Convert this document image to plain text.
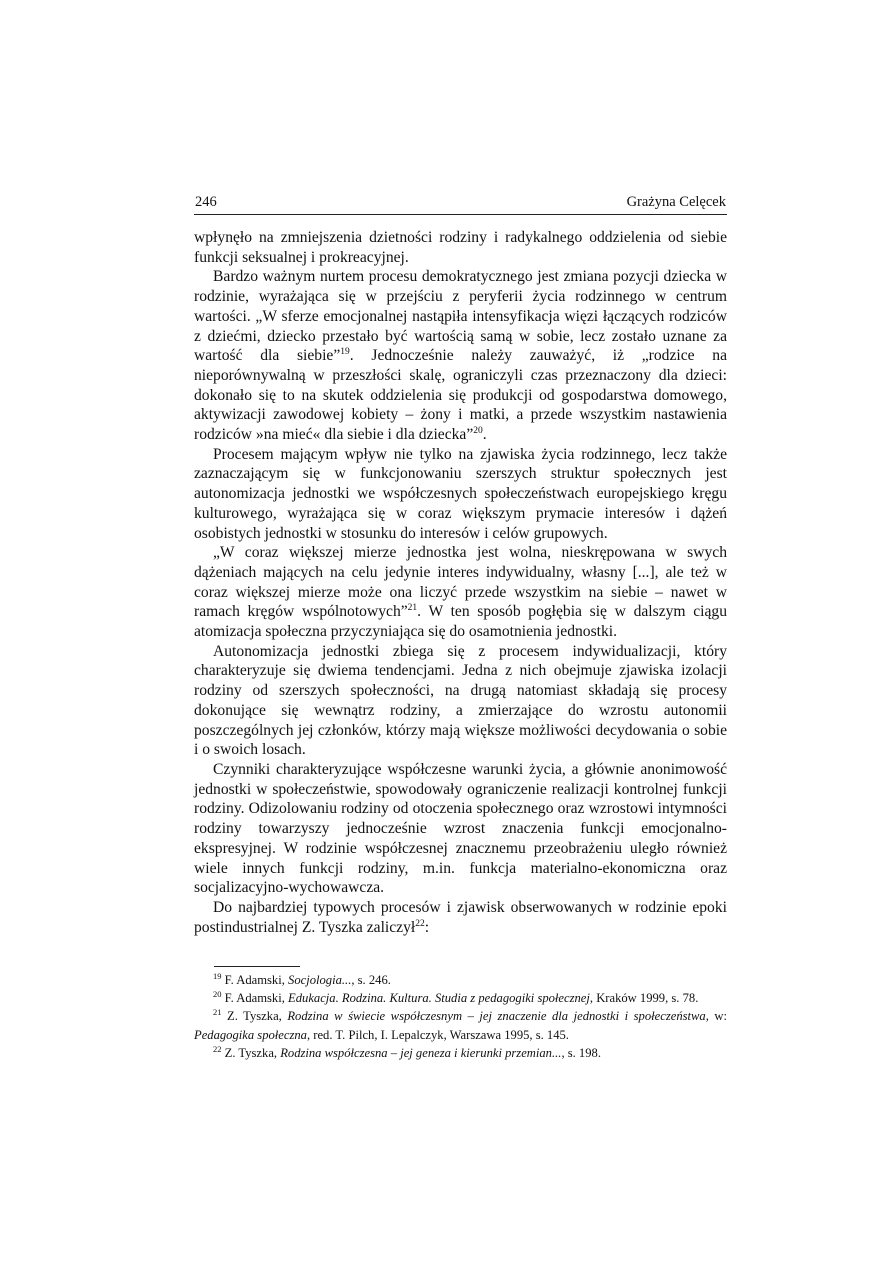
246	Grażyna Celęcek

wpłynęło na zmniejszenia dzietności rodziny i radykalnego oddzielenia od siebie funkcji seksualnej i prokreacyjnej.

Bardzo ważnym nurtem procesu demokratycznego jest zmiana pozycji dziecka w rodzinie, wyrażająca się w przejściu z peryferii życia rodzinnego w centrum wartości. „W sferze emocjonalnej nastąpiła intensyfikacja więzi łączących rodziców z dziećmi, dziecko przestało być wartością samą w sobie, lecz zostało uznane za wartość dla siebie”$^{19}$. Jednocześnie należy zauważyć, iż „rodzice na nieporównywalną w przeszłości skalę, ograniczyli czas przeznaczony dla dzieci: dokonało się to na skutek oddzielenia się produkcji od gospodarstwa domowego, aktywizacji zawodowej kobiety – żony i matki, a przede wszystkim nastawienia rodziców »na mieć« dla siebie i dla dziecka”$^{20}$.

Procesem mającym wpływ nie tylko na zjawiska życia rodzinnego, lecz także zaznaczającym się w funkcjonowaniu szerszych struktur społecznych jest autonomizacja jednostki we współczesnych społeczeństwach europejskiego kręgu kulturowego, wyrażająca się w coraz większym prymacie interesów i dążeń osobistych jednostki w stosunku do interesów i celów grupowych.

„W coraz większej mierze jednostka jest wolna, nieskrępowana w swych dążeniach mających na celu jedynie interes indywidualny, własny [...], ale też w coraz większej mierze może ona liczyć przede wszystkim na siebie – nawet w ramach kręgów wspólnotowych”$^{21}$. W ten sposób pogłębia się w dalszym ciągu atomizacja społeczna przyczyniająca się do osamotnienia jednostki.

Autonomizacja jednostki zbiega się z procesem indywidualizacji, który charakteryzuje się dwiema tendencjami. Jedna z nich obejmuje zjawiska izolacji rodziny od szerszych społeczności, na drugą natomiast składają się procesy dokonujące się wewnątrz rodziny, a zmierzające do wzrostu autonomii poszczególnych jej członków, którzy mają większe możliwości decydowania o sobie i o swoich losach.

Czynniki charakteryzujące współczesne warunki życia, a głównie anonimowość jednostki w społeczeństwie, spowodowały ograniczenie realizacji kontrolnej funkcji rodziny. Odizolowaniu rodziny od otoczenia społecznego oraz wzrostowi intymności rodziny towarzyszy jednocześnie wzrost znaczenia funkcji emocjonalno-ekspresyjnej. W rodzinie współczesnej znacznemu przeobrażeniu uległo również wiele innych funkcji rodziny, m.in. funkcja materialno-ekonomiczna oraz socjalizacyjno-wychowawcza.

Do najbardziej typowych procesów i zjawisk obserwowanych w rodzinie epoki postindustrialnej Z. Tyszka zaliczył$^{22}$:

$^{19}$ F. Adamski, Socjologia..., s. 246.

$^{20}$ F. Adamski, Edukacja. Rodzina. Kultura. Studia z pedagogiki społecznej, Kraków 1999, s. 78.

$^{21}$ Z. Tyszka, Rodzina w świecie współczesnym – jej znaczenie dla jednostki i społeczeństwa, w: Pedagogika społeczna, red. T. Pilch, I. Lepalczyk, Warszawa 1995, s. 145.

$^{22}$ Z. Tyszka, Rodzina współczesna – jej geneza i kierunki przemian..., s. 198.
